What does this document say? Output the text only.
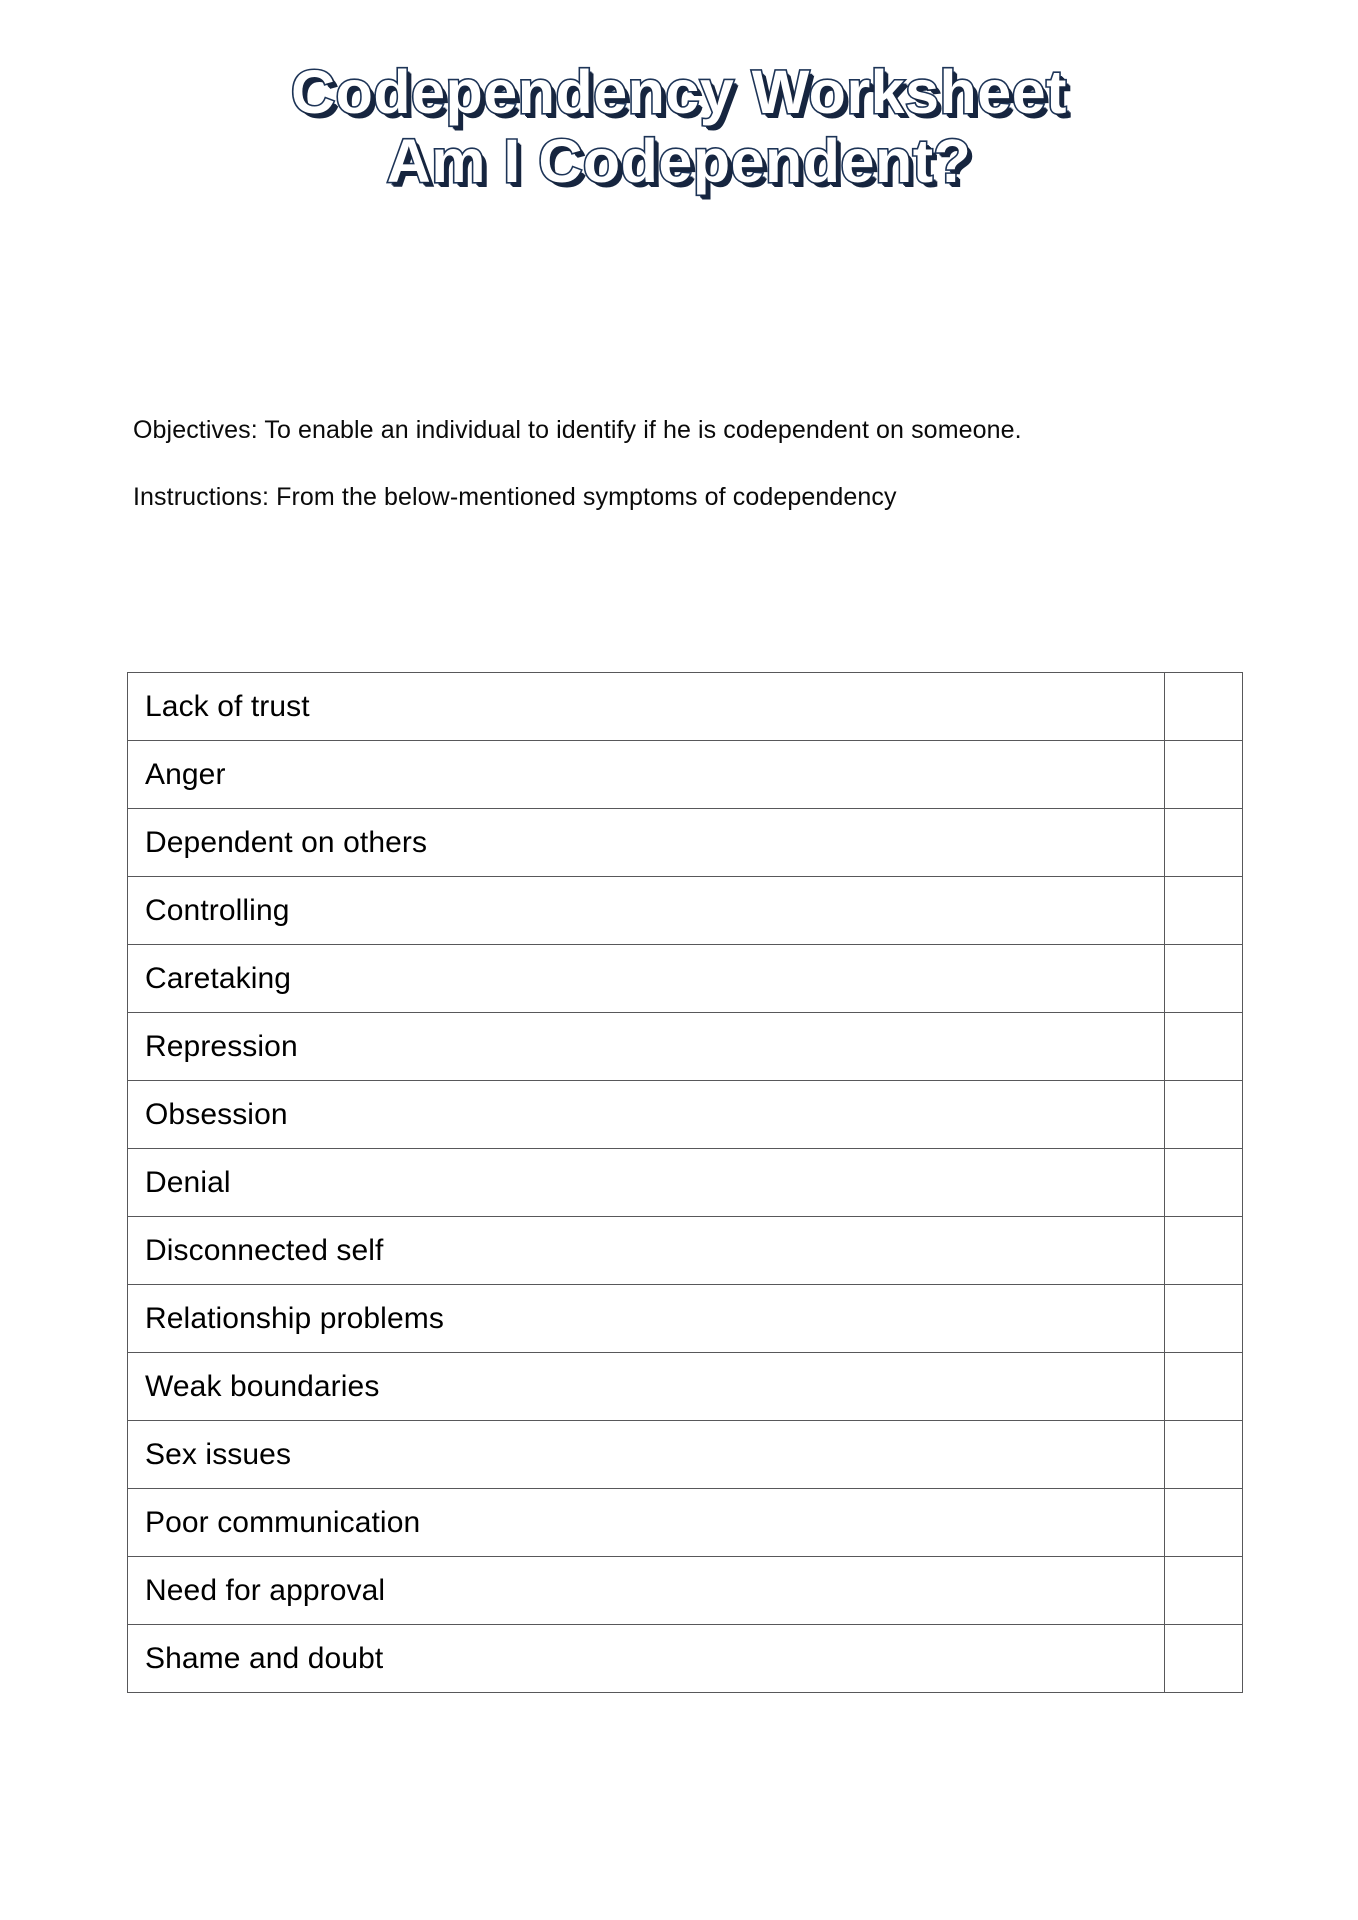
Codependency Worksheet
Am I Codependent?

Objectives: To enable an individual to identify if he is codependent on someone.

Instructions: From the below-mentioned symptoms of codependency

Lack of trust	
Anger	
Dependent on others	
Controlling	
Caretaking	
Repression	
Obsession	
Denial	
Disconnected self	
Relationship problems	
Weak boundaries	
Sex issues	
Poor communication	
Need for approval	
Shame and doubt	
